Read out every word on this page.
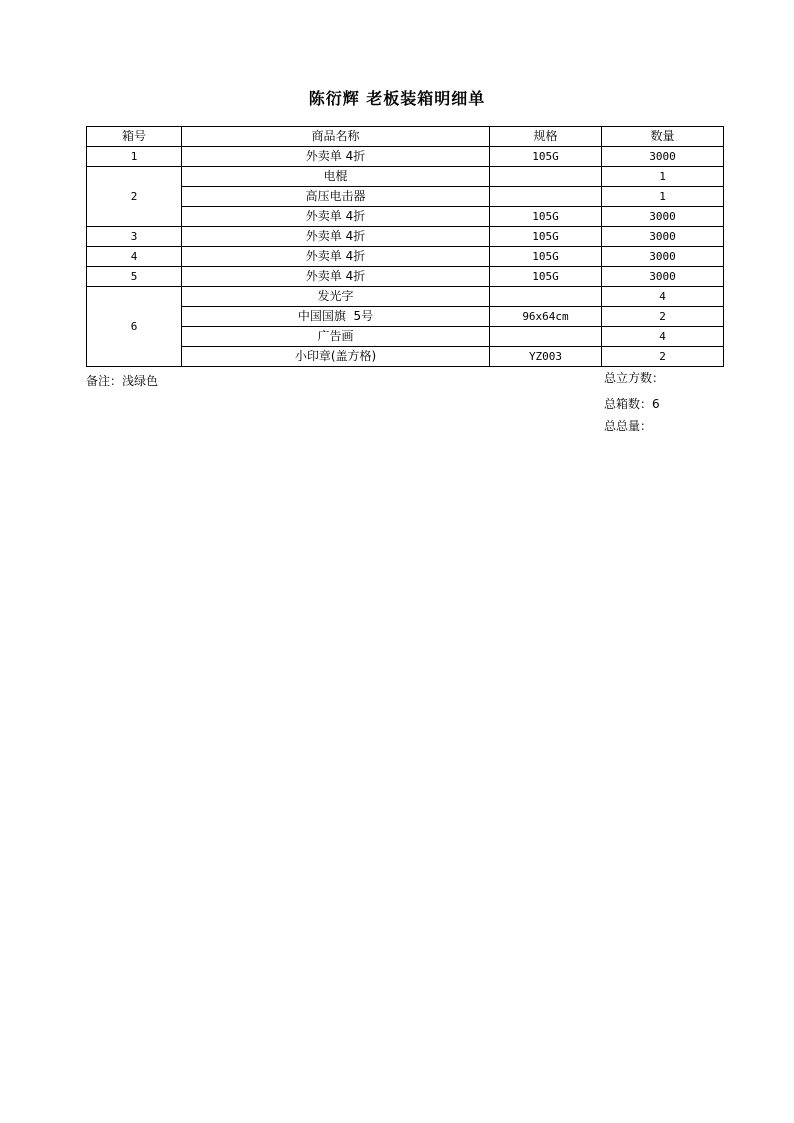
陈衍辉 老板装箱明细单
箱号	商品名称	规格	数量
1	外卖单 4折	105G	3000
2	电棍		1
	高压电击器		1
	外卖单 4折	105G	3000
3	外卖单 4折	105G	3000
4	外卖单 4折	105G	3000
5	外卖单 4折	105G	3000
6	发光字		4
	中国国旗  5号	96x64cm	2
	广告画		4
	小印章(盖方格)	YZ003	2
备注：浅绿色	总立方数：
总箱数：6
总总量：
